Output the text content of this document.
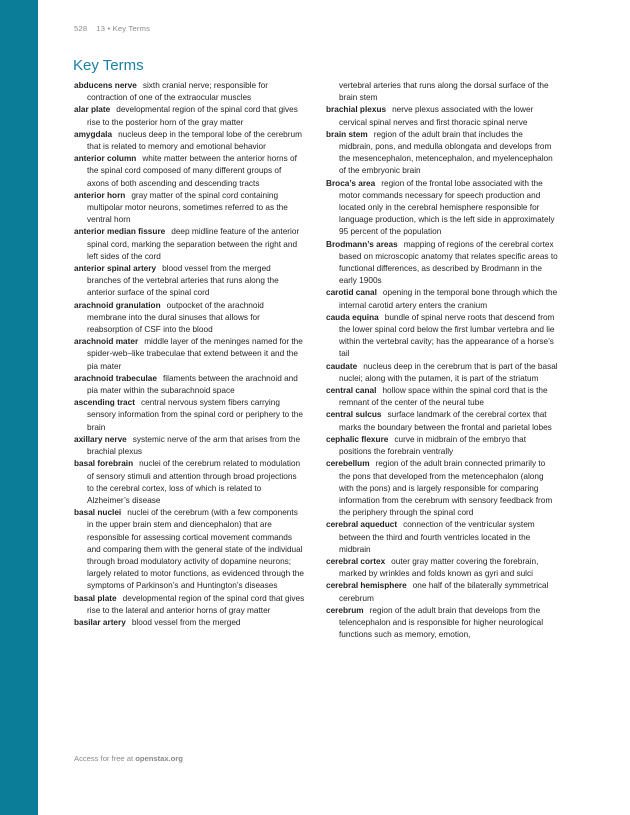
528 13 • Key Terms
Key Terms

abducens nerve sixth cranial nerve; responsible for contraction of one of the extraocular muscles

alar plate developmental region of the spinal cord that gives rise to the posterior horn of the gray matter

amygdala nucleus deep in the temporal lobe of the cerebrum that is related to memory and emotional behavior

anterior column white matter between the anterior horns of the spinal cord composed of many different groups of axons of both ascending and descending tracts

anterior horn gray matter of the spinal cord containing multipolar motor neurons, sometimes referred to as the ventral horn

anterior median fissure deep midline feature of the anterior spinal cord, marking the separation between the right and left sides of the cord

anterior spinal artery blood vessel from the merged branches of the vertebral arteries that runs along the anterior surface of the spinal cord

arachnoid granulation outpocket of the arachnoid membrane into the dural sinuses that allows for reabsorption of CSF into the blood

arachnoid mater middle layer of the meninges named for the spider-web–like trabeculae that extend between it and the pia mater

arachnoid trabeculae filaments between the arachnoid and pia mater within the subarachnoid space

ascending tract central nervous system fibers carrying sensory information from the spinal cord or periphery to the brain

axillary nerve systemic nerve of the arm that arises from the brachial plexus

basal forebrain nuclei of the cerebrum related to modulation of sensory stimuli and attention through broad projections to the cerebral cortex, loss of which is related to Alzheimer’s disease

basal nuclei nuclei of the cerebrum (with a few components in the upper brain stem and diencephalon) that are responsible for assessing cortical movement commands and comparing them with the general state of the individual through broad modulatory activity of dopamine neurons; largely related to motor functions, as evidenced through the symptoms of Parkinson’s and Huntington’s diseases

basal plate developmental region of the spinal cord that gives rise to the lateral and anterior horns of gray matter

basilar artery blood vessel from the merged

vertebral arteries that runs along the dorsal surface of the brain stem

brachial plexus nerve plexus associated with the lower cervical spinal nerves and first thoracic spinal nerve

brain stem region of the adult brain that includes the midbrain, pons, and medulla oblongata and develops from the mesencephalon, metencephalon, and myelencephalon of the embryonic brain

Broca’s area region of the frontal lobe associated with the motor commands necessary for speech production and located only in the cerebral hemisphere responsible for language production, which is the left side in approximately 95 percent of the population

Brodmann’s areas mapping of regions of the cerebral cortex based on microscopic anatomy that relates specific areas to functional differences, as described by Brodmann in the early 1900s

carotid canal opening in the temporal bone through which the internal carotid artery enters the cranium

cauda equina bundle of spinal nerve roots that descend from the lower spinal cord below the first lumbar vertebra and lie within the vertebral cavity; has the appearance of a horse’s tail

caudate nucleus deep in the cerebrum that is part of the basal nuclei; along with the putamen, it is part of the striatum

central canal hollow space within the spinal cord that is the remnant of the center of the neural tube

central sulcus surface landmark of the cerebral cortex that marks the boundary between the frontal and parietal lobes

cephalic flexure curve in midbrain of the embryo that positions the forebrain ventrally

cerebellum region of the adult brain connected primarily to the pons that developed from the metencephalon (along with the pons) and is largely responsible for comparing information from the cerebrum with sensory feedback from the periphery through the spinal cord

cerebral aqueduct connection of the ventricular system between the third and fourth ventricles located in the midbrain

cerebral cortex outer gray matter covering the forebrain, marked by wrinkles and folds known as gyri and sulci

cerebral hemisphere one half of the bilaterally symmetrical cerebrum

cerebrum region of the adult brain that develops from the telencephalon and is responsible for higher neurological functions such as memory, emotion,

Access for free at openstax.org
